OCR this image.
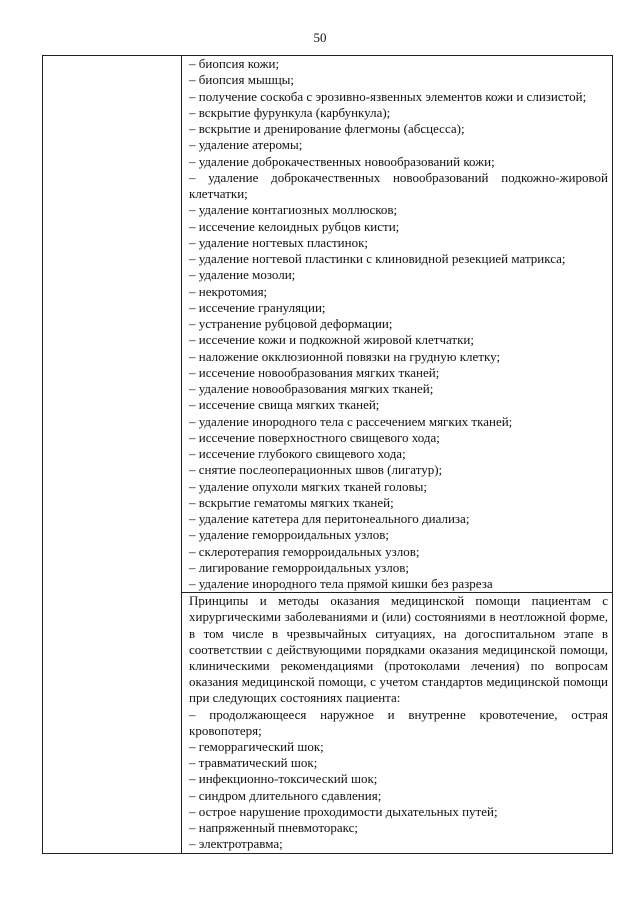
50

– биопсия кожи;
– биопсия мышцы;
– получение соскоба с эрозивно-язвенных элементов кожи и слизистой;
– вскрытие фурункула (карбункула);
– вскрытие и дренирование флегмоны (абсцесса);
– удаление атеромы;
– удаление доброкачественных новообразований кожи;
– удаление доброкачественных новообразований подкожно-жировой клетчатки;
– удаление контагиозных моллюсков;
– иссечение келоидных рубцов кисти;
– удаление ногтевых пластинок;
– удаление ногтевой пластинки с клиновидной резекцией матрикса;
– удаление мозоли;
– некротомия;
– иссечение грануляции;
– устранение рубцовой деформации;
– иссечение кожи и подкожной жировой клетчатки;
– наложение окклюзионной повязки на грудную клетку;
– иссечение новообразования мягких тканей;
– удаление новообразования мягких тканей;
– иссечение свища мягких тканей;
– удаление инородного тела с рассечением мягких тканей;
– иссечение поверхностного свищевого хода;
– иссечение глубокого свищевого хода;
– снятие послеоперационных швов (лигатур);
– удаление опухоли мягких тканей головы;
– вскрытие гематомы мягких тканей;
– удаление катетера для перитонеального диализа;
– удаление геморроидальных узлов;
– склеротерапия геморроидальных узлов;
– лигирование геморроидальных узлов;
– удаление инородного тела прямой кишки без разреза

Принципы и методы оказания медицинской помощи пациентам с хирургическими заболеваниями и (или) состояниями в неотложной форме, в том числе в чрезвычайных ситуациях, на догоспитальном этапе в соответствии с действующими порядками оказания медицинской помощи, клиническими рекомендациями (протоколами лечения) по вопросам оказания медицинской помощи, с учетом стандартов медицинской помощи при следующих состояниях пациента:

– продолжающееся наружное и внутренне кровотечение, острая кровопотеря;
– геморрагический шок;
– травматический шок;
– инфекционно-токсический шок;
– синдром длительного сдавления;
– острое нарушение проходимости дыхательных путей;
– напряженный пневмоторакс;
– электротравма;
